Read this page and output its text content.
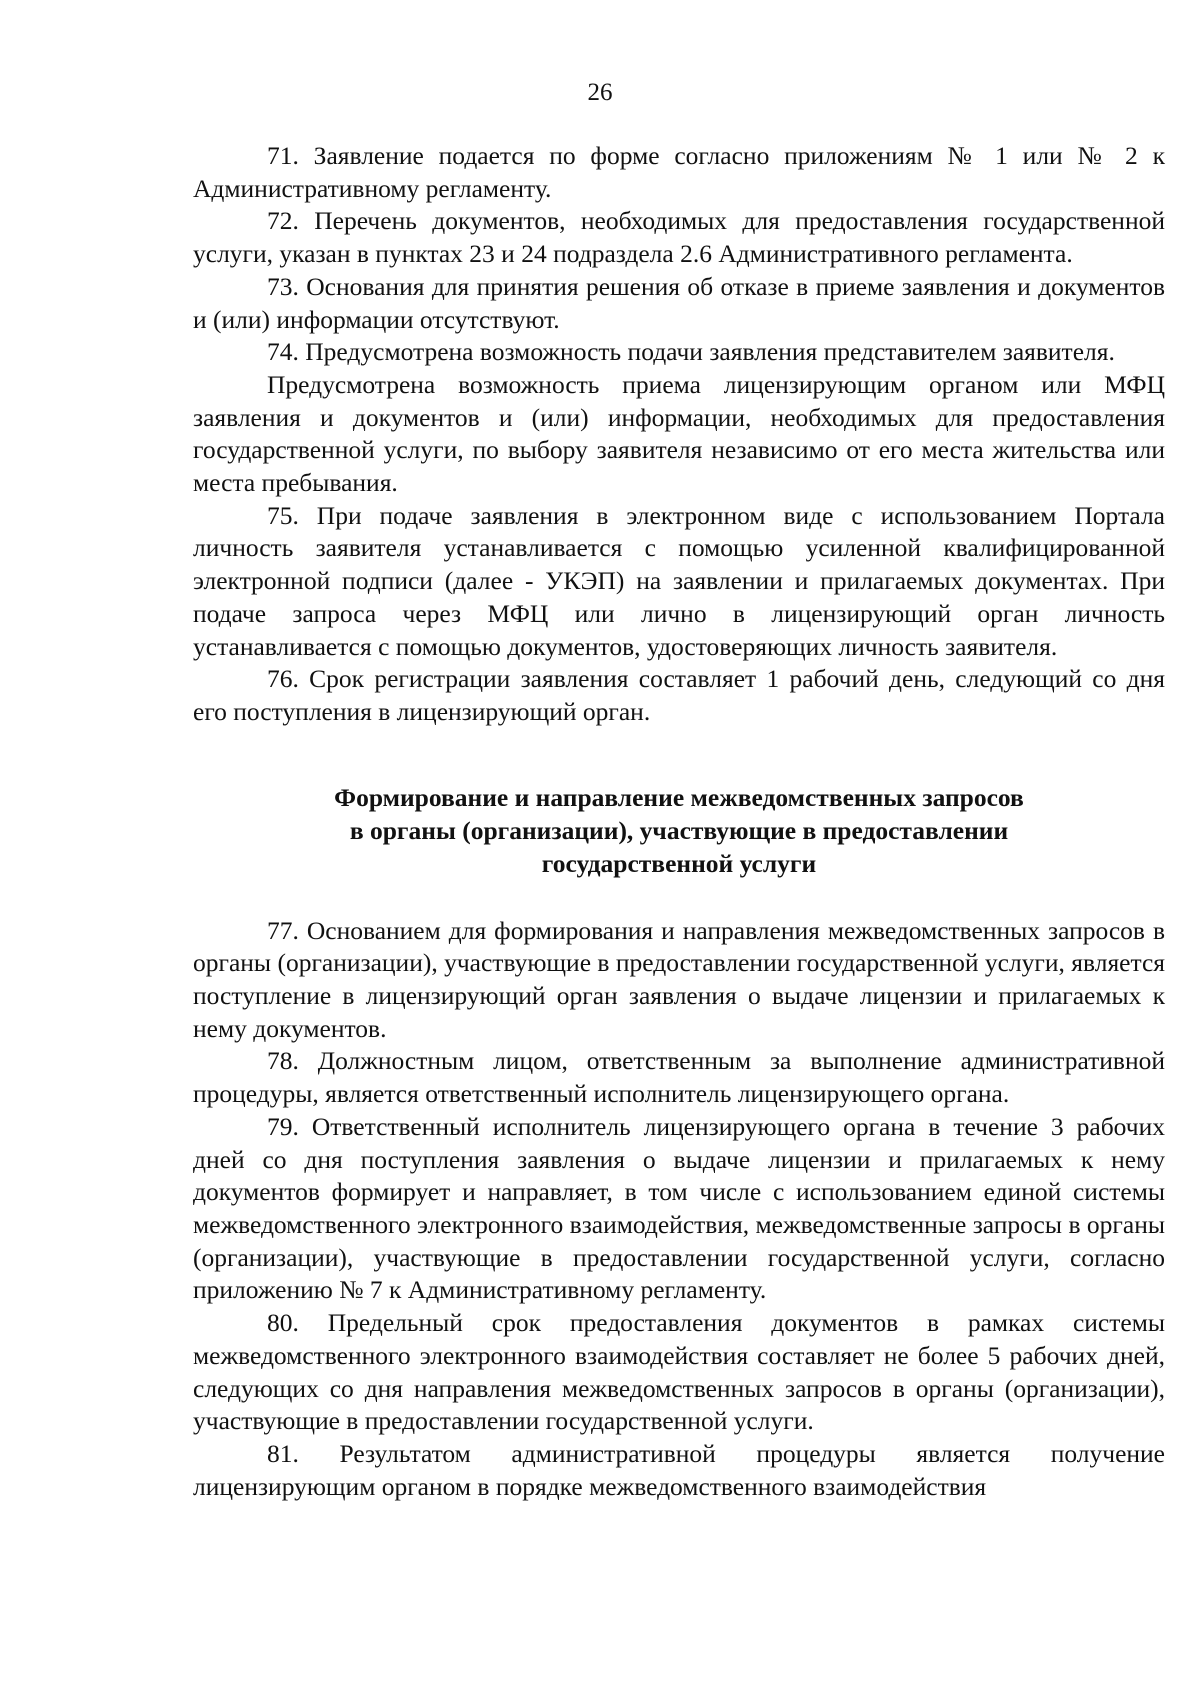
26

71. Заявление подается по форме согласно приложениям № 1 или № 2 к Административному регламенту.

72. Перечень документов, необходимых для предоставления государственной услуги, указан в пунктах 23 и 24 подраздела 2.6 Административного регламента.

73. Основания для принятия решения об отказе в приеме заявления и документов и (или) информации отсутствуют.

74. Предусмотрена возможность подачи заявления представителем заявителя.

Предусмотрена возможность приема лицензирующим органом или МФЦ заявления и документов и (или) информации, необходимых для предоставления государственной услуги, по выбору заявителя независимо от его места жительства или места пребывания.

75. При подаче заявления в электронном виде с использованием Портала личность заявителя устанавливается с помощью усиленной квалифицированной электронной подписи (далее - УКЭП) на заявлении и прилагаемых документах. При подаче запроса через МФЦ или лично в лицензирующий орган личность устанавливается с помощью документов, удостоверяющих личность заявителя.

76. Срок регистрации заявления составляет 1 рабочий день, следующий со дня его поступления в лицензирующий орган.

Формирование и направление межведомственных запросов
в органы (организации), участвующие в предоставлении
государственной услуги

77. Основанием для формирования и направления межведомственных запросов в органы (организации), участвующие в предоставлении государственной услуги, является поступление в лицензирующий орган заявления о выдаче лицензии и прилагаемых к нему документов.

78. Должностным лицом, ответственным за выполнение административной процедуры, является ответственный исполнитель лицензирующего органа.

79. Ответственный исполнитель лицензирующего органа в течение 3 рабочих дней со дня поступления заявления о выдаче лицензии и прилагаемых к нему документов формирует и направляет, в том числе с использованием единой системы межведомственного электронного взаимодействия, межведомственные запросы в органы (организации), участвующие в предоставлении государственной услуги, согласно приложению № 7 к Административному регламенту.

80. Предельный срок предоставления документов в рамках системы межведомственного электронного взаимодействия составляет не более 5 рабочих дней, следующих со дня направления межведомственных запросов в органы (организации), участвующие в предоставлении государственной услуги.

81. Результатом административной процедуры является получение лицензирующим органом в порядке межведомственного взаимодействия
